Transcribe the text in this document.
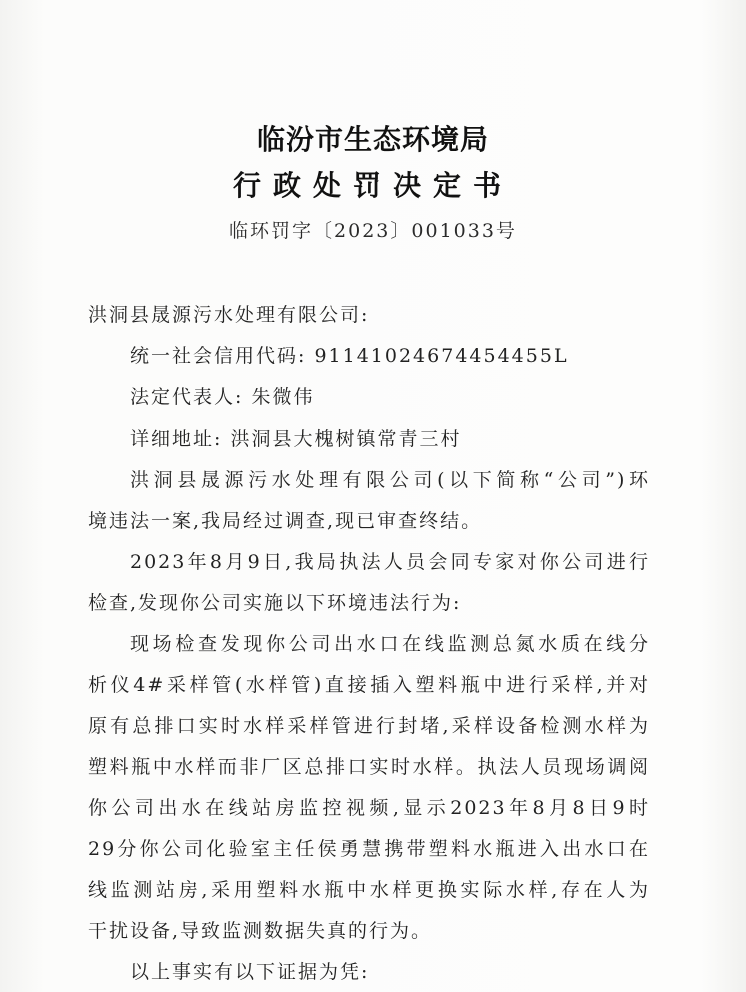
临汾市生态环境局
行政处罚决定书
临环罚字〔2023〕001033号
洪洞县晟源污水处理有限公司:
统一社会信用代码: 91141024674454455L
法定代表人: 朱微伟
详细地址: 洪洞县大槐树镇常青三村
洪洞县晟源污水处理有限公司(以下简称“公司”)环
境违法一案,我局经过调查,现已审查终结。
2023年8月9日,我局执法人员会同专家对你公司进行
检查,发现你公司实施以下环境违法行为:
现场检查发现你公司出水口在线监测总氮水质在线分
析仪4#采样管(水样管)直接插入塑料瓶中进行采样,并对
原有总排口实时水样采样管进行封堵,采样设备检测水样为
塑料瓶中水样而非厂区总排口实时水样。执法人员现场调阅
你公司出水在线站房监控视频,显示2023年8月8日9时
29分你公司化验室主任侯勇慧携带塑料水瓶进入出水口在
线监测站房,采用塑料水瓶中水样更换实际水样,存在人为
干扰设备,导致监测数据失真的行为。
以上事实有以下证据为凭:
